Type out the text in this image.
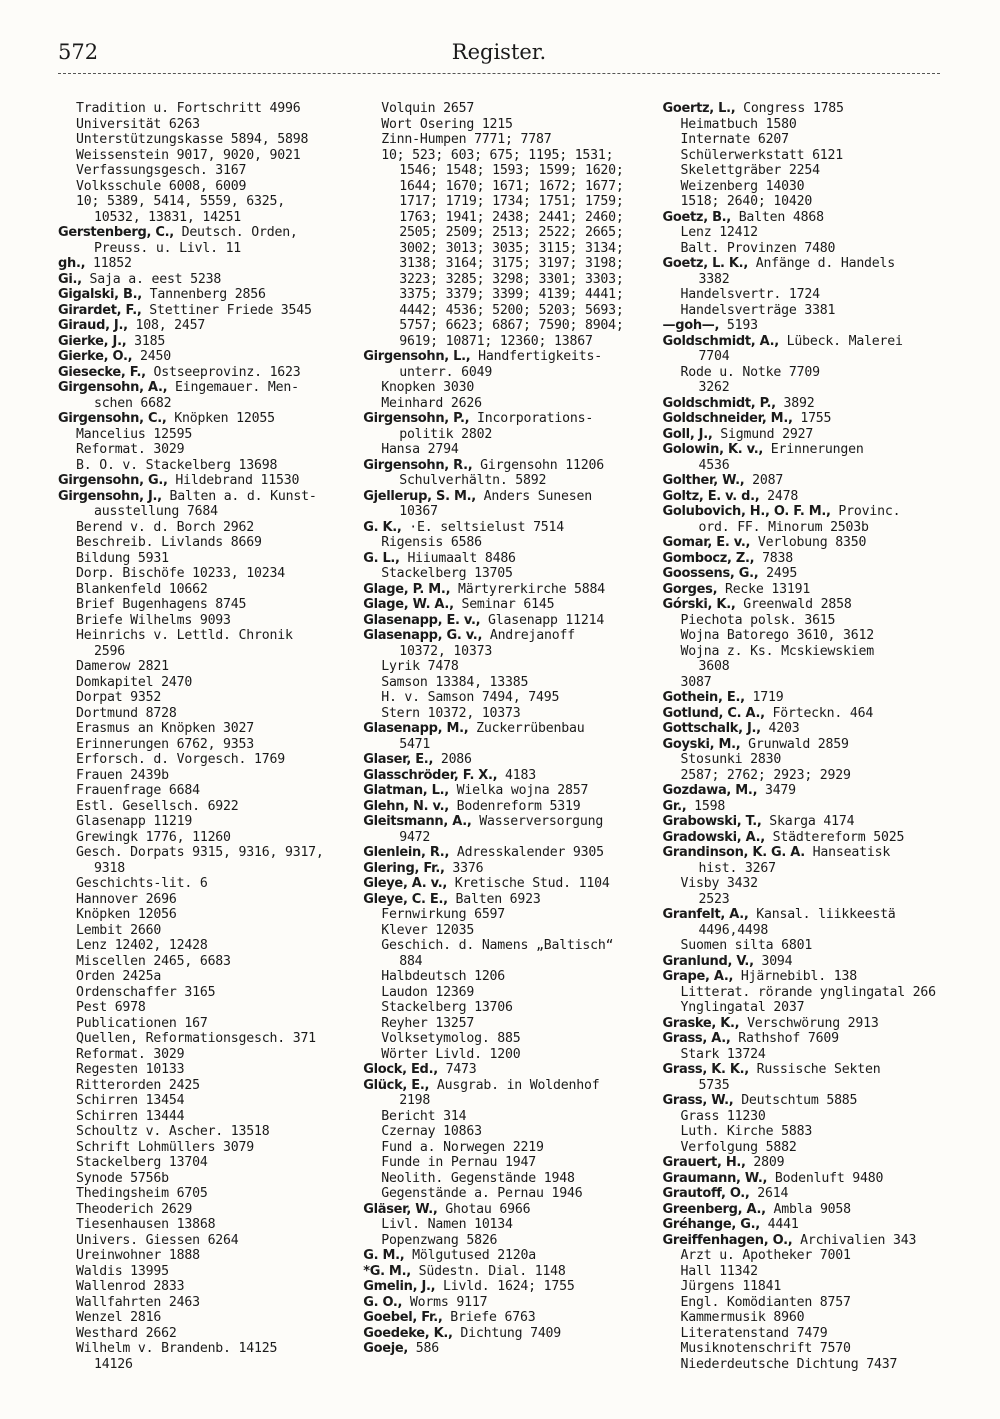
Register.
572
Tradition u. Fortschritt 4996
Universität 6263
Unterstützungskasse 5894, 5898
Weissenstein 9017, 9020, 9021
Verfassungsgesch. 3167
Volksschule 6008, 6009
10; 5389, 5414, 5559, 6325,
10532, 13831, 14251
Gerstenberg, C., Deutsch. Orden,
Preuss. u. Livl. 11
gh., 11852
Gi., Saja a. eest 5238
Gigalski, B., Tannenberg 2856
Girardet, F., Stettiner Friede 3545
Giraud, J., 108, 2457
Gierke, J., 3185
Gierke, O., 2450
Giesecke, F., Ostseeprovinz. 1623
Girgensohn, A., Eingemauer. Men-
schen 6682
Girgensohn, C., Knöpken 12055
Mancelius 12595
Reformat. 3029
B. O. v. Stackelberg 13698
Girgensohn, G., Hildebrand 11530
Girgensohn, J., Balten a. d. Kunst-
ausstellung 7684
Berend v. d. Borch 2962
Beschreib. Livlands 8669
Bildung 5931
Dorp. Bischöfe 10233, 10234
Blankenfeld 10662
Brief Bugenhagens 8745
Briefe Wilhelms 9093
Heinrichs v. Lettld. Chronik
2596
Damerow 2821
Domkapitel 2470
Dorpat 9352
Dortmund 8728
Erasmus an Knöpken 3027
Erinnerungen 6762, 9353
Erforsch. d. Vorgesch. 1769
Frauen 2439b
Frauenfrage 6684
Estl. Gesellsch. 6922
Glasenapp 11219
Grewingk 1776, 11260
Gesch. Dorpats 9315, 9316, 9317,
9318
Geschichts-lit. 6
Hannover 2696
Knöpken 12056
Lembit 2660
Lenz 12402, 12428
Miscellen 2465, 6683
Orden 2425a
Ordenschaffer 3165
Pest 6978
Publicationen 167
Quellen, Reformationsgesch. 371
Reformat. 3029
Regesten 10133
Ritterorden 2425
Schirren 13454
Schirren 13444
Schoultz v. Ascher. 13518
Schrift Lohmüllers 3079
Stackelberg 13704
Synode 5756b
Thedingsheim 6705
Theoderich 2629
Tiesenhausen 13868
Univers. Giessen 6264
Ureinwohner 1888
Waldis 13995
Wallenrod 2833
Wallfahrten 2463
Wenzel 2816
Westhard 2662
Wilhelm v. Brandenb. 14125
14126
Volquin 2657
Wort Osering 1215
Zinn-Humpen 7771; 7787
10; 523; 603; 675; 1195; 1531;
1546; 1548; 1593; 1599; 1620;
1644; 1670; 1671; 1672; 1677;
1717; 1719; 1734; 1751; 1759;
1763; 1941; 2438; 2441; 2460;
2505; 2509; 2513; 2522; 2665;
3002; 3013; 3035; 3115; 3134;
3138; 3164; 3175; 3197; 3198;
3223; 3285; 3298; 3301; 3303;
3375; 3379; 3399; 4139; 4441;
4442; 4536; 5200; 5203; 5693;
5757; 6623; 6867; 7590; 8904;
9619; 10871; 12360; 13867
Girgensohn, L., Handfertigkeits-
unterr. 6049
Knopken 3030
Meinhard 2626
Girgensohn, P., Incorporations-
politik 2802
Hansa 2794
Girgensohn, R., Girgensohn 11206
Schulverhältn. 5892
Gjellerup, S. M., Anders Sunesen
10367
G. K., ·E. seltsielust 7514
Rigensis 6586
G. L., Hiiumaalt 8486
Stackelberg 13705
Glage, P. M., Märtyrerkirche 5884
Glage, W. A., Seminar 6145
Glasenapp, E. v., Glasenapp 11214
Glasenapp, G. v., Andrejanoff
10372, 10373
Lyrik 7478
Samson 13384, 13385
H. v. Samson 7494, 7495
Stern 10372, 10373
Glasenapp, M., Zuckerrübenbau
5471
Glaser, E., 2086
Glasschröder, F. X., 4183
Glatman, L., Wielka wojna 2857
Glehn, N. v., Bodenreform 5319
Gleitsmann, A., Wasserversorgung
9472
Glenlein, R., Adresskalender 9305
Glering, Fr., 3376
Gleye, A. v., Kretische Stud. 1104
Gleye, C. E., Balten 6923
Fernwirkung 6597
Klever 12035
Geschich. d. Namens „Baltisch“
884
Halbdeutsch 1206
Laudon 12369
Stackelberg 13706
Reyher 13257
Volksetymolog. 885
Wörter Livld. 1200
Glock, Ed., 7473
Glück, E., Ausgrab. in Woldenhof
2198
Bericht 314
Czernay 10863
Fund a. Norwegen 2219
Funde in Pernau 1947
Neolith. Gegenstände 1948
Gegenstände a. Pernau 1946
Gläser, W., Ghotau 6966
Livl. Namen 10134
Popenzwang 5826
G. M., Mölgutused 2120a
*G. M., Südestn. Dial. 1148
Gmelin, J., Livld. 1624; 1755
G. O., Worms 9117
Goebel, Fr., Briefe 6763
Goedeke, K., Dichtung 7409
Goeje, 586
Goertz, L., Congress 1785
Heimatbuch 1580
Internate 6207
Schülerwerkstatt 6121
Skelettgräber 2254
Weizenberg 14030
1518; 2640; 10420
Goetz, B., Balten 4868
Lenz 12412
Balt. Provinzen 7480
Goetz, L. K., Anfänge d. Handels
3382
Handelsvertr. 1724
Handelsverträge 3381
—goh—, 5193
Goldschmidt, A., Lübeck. Malerei
7704
Rode u. Notke 7709
3262
Goldschmidt, P., 3892
Goldschneider, M., 1755
Goll, J., Sigmund 2927
Golowin, K. v., Erinnerungen
4536
Golther, W., 2087
Goltz, E. v. d., 2478
Golubovich, H., O. F. M., Provinc.
ord. FF. Minorum 2503b
Gomar, E. v., Verlobung 8350
Gombocz, Z., 7838
Goossens, G., 2495
Gorges, Recke 13191
Górski, K., Greenwald 2858
Piechota polsk. 3615
Wojna Batorego 3610, 3612
Wojna z. Ks. Mcskiewskiem
3608
3087
Gothein, E., 1719
Gotlund, C. A., Förteckn. 464
Gottschalk, J., 4203
Goyski, M., Grunwald 2859
Stosunki 2830
2587; 2762; 2923; 2929
Gozdawa, M., 3479
Gr., 1598
Grabowski, T., Skarga 4174
Gradowski, A., Städtereform 5025
Grandinson, K. G. A. Hanseatisk
hist. 3267
Visby 3432
2523
Granfelt, A., Kansal. liikkeestä
4496,4498
Suomen silta 6801
Granlund, V., 3094
Grape, A., Hjärnebibl. 138
Litterat. rörande ynglingatal 266
Ynglingatal 2037
Graske, K., Verschwörung 2913
Grass, A., Rathshof 7609
Stark 13724
Grass, K. K., Russische Sekten
5735
Grass, W., Deutschtum 5885
Grass 11230
Luth. Kirche 5883
Verfolgung 5882
Grauert, H., 2809
Graumann, W., Bodenluft 9480
Grautoff, O., 2614
Greenberg, A., Ambla 9058
Gréhange, G., 4441
Greiffenhagen, O., Archivalien 343
Arzt u. Apotheker 7001
Hall 11342
Jürgens 11841
Engl. Komödianten 8757
Kammermusik 8960
Literatenstand 7479
Musiknotenschrift 7570
Niederdeutsche Dichtung 7437
